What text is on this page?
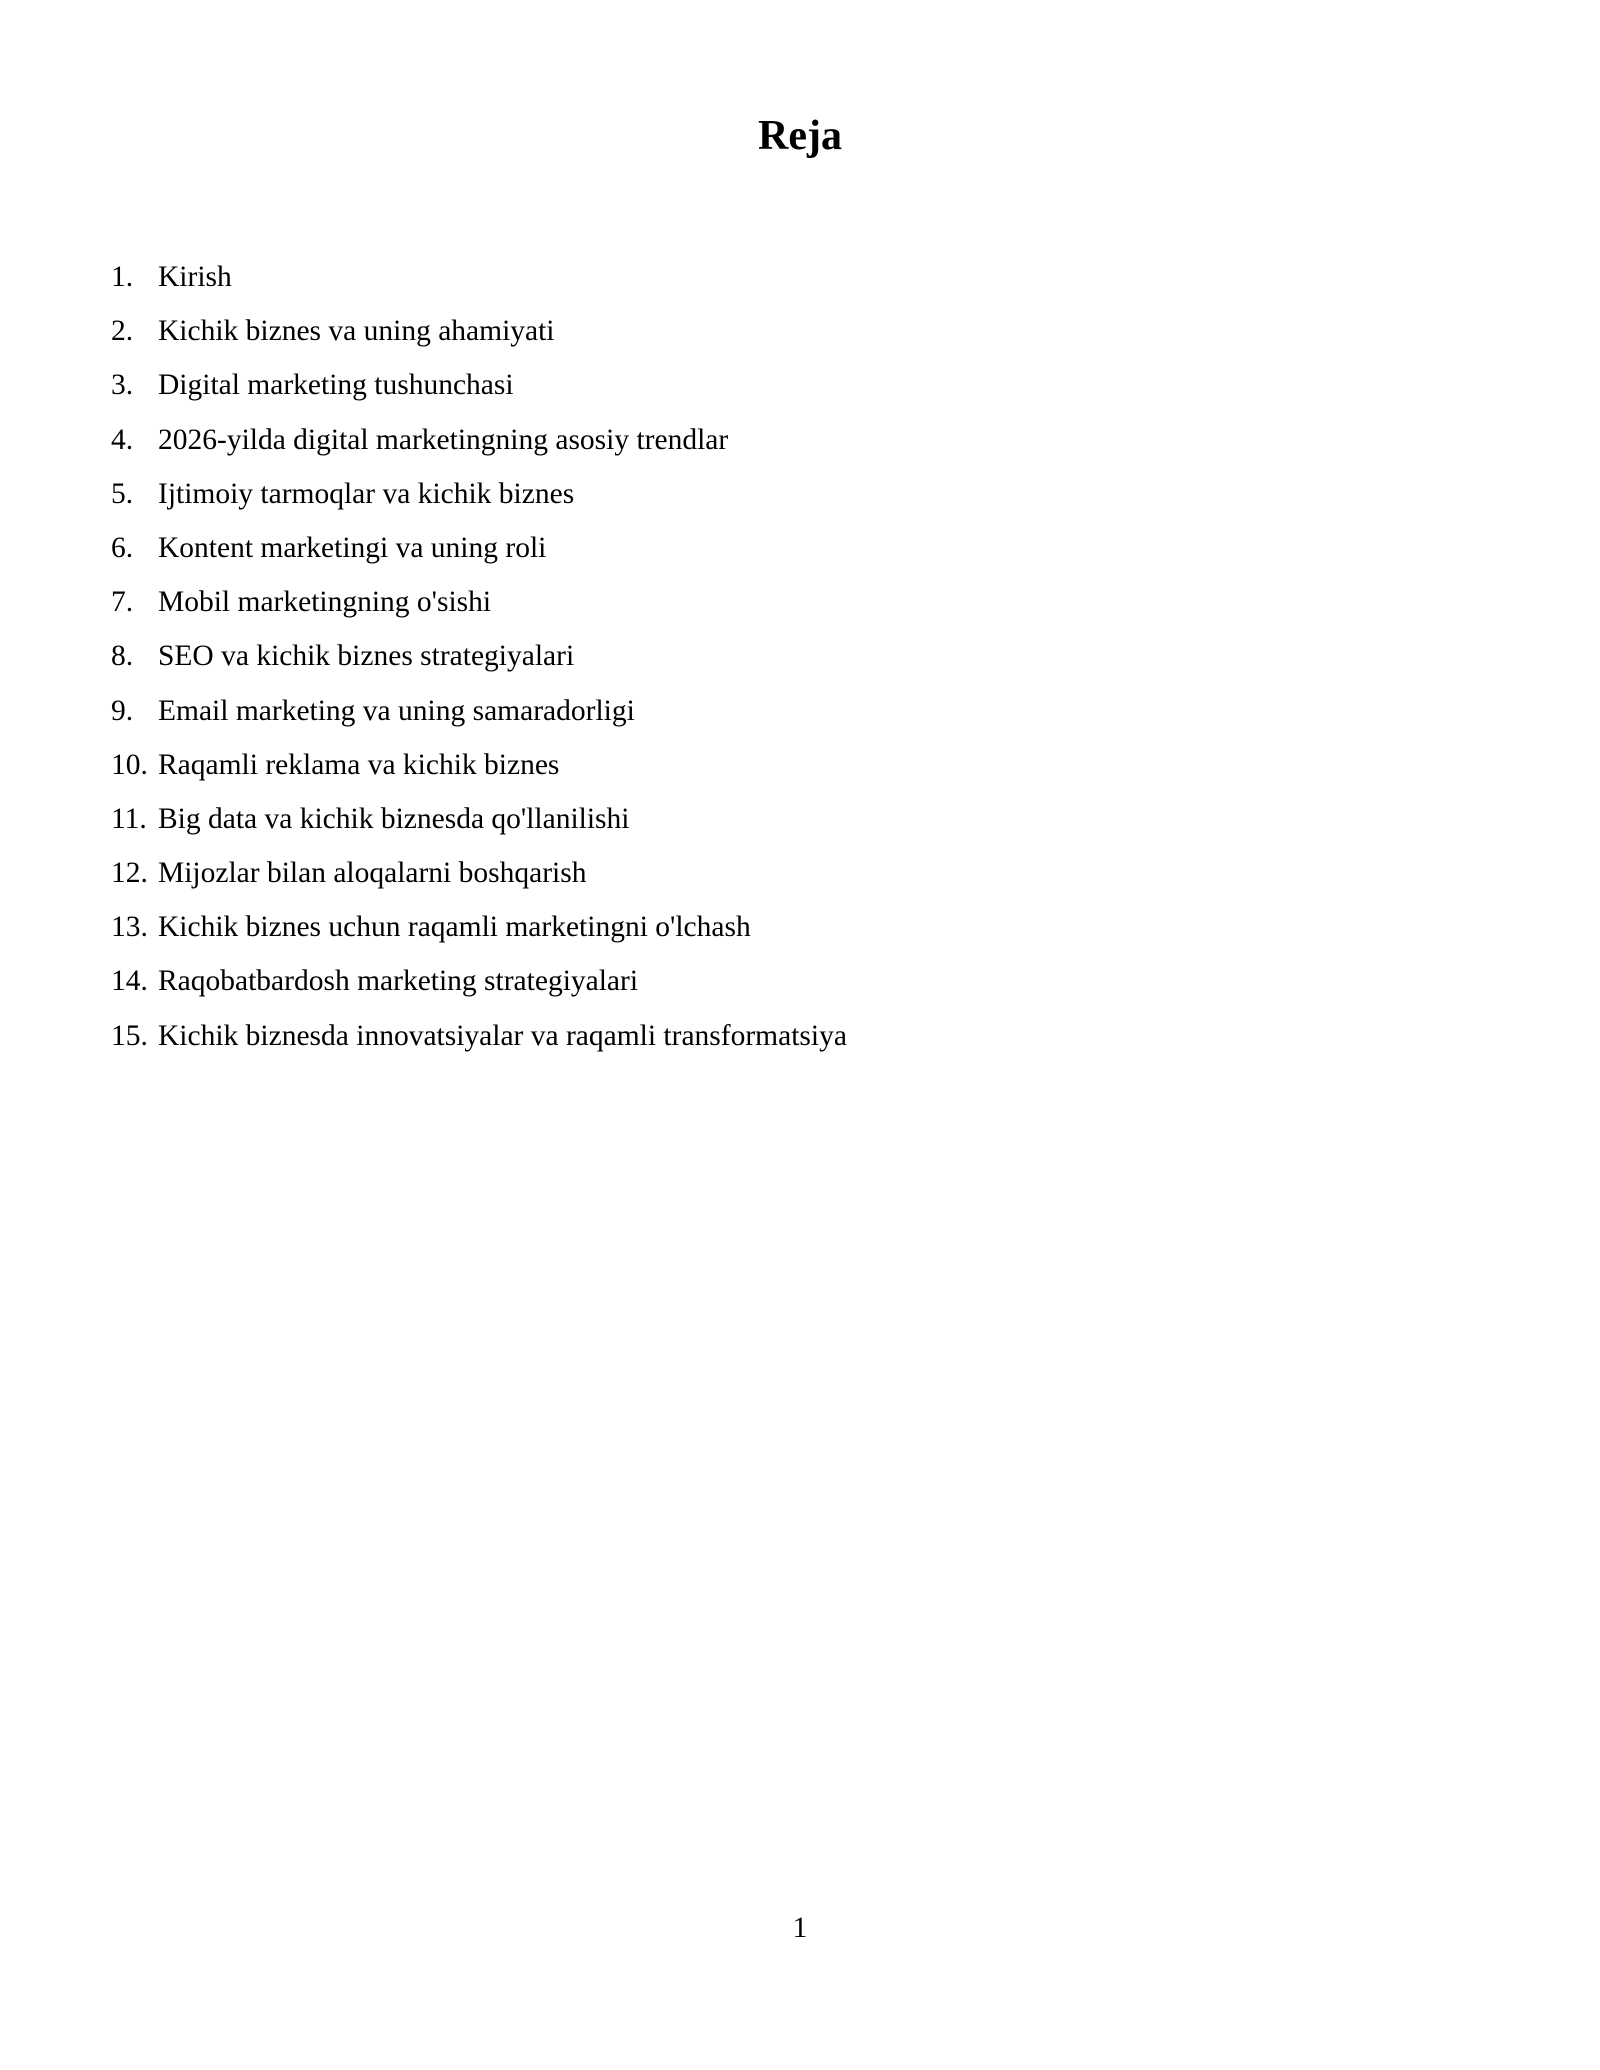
Reja
1. Kirish
2. Kichik biznes va uning ahamiyati
3. Digital marketing tushunchasi
4. 2026-yilda digital marketingning asosiy trendlar
5. Ijtimoiy tarmoqlar va kichik biznes
6. Kontent marketingi va uning roli
7. Mobil marketingning o'sishi
8. SEO va kichik biznes strategiyalari
9. Email marketing va uning samaradorligi
10. Raqamli reklama va kichik biznes
11. Big data va kichik biznesda qo'llanilishi
12. Mijozlar bilan aloqalarni boshqarish
13. Kichik biznes uchun raqamli marketingni o'lchash
14. Raqobatbardosh marketing strategiyalari
15. Kichik biznesda innovatsiyalar va raqamli transformatsiya
1
